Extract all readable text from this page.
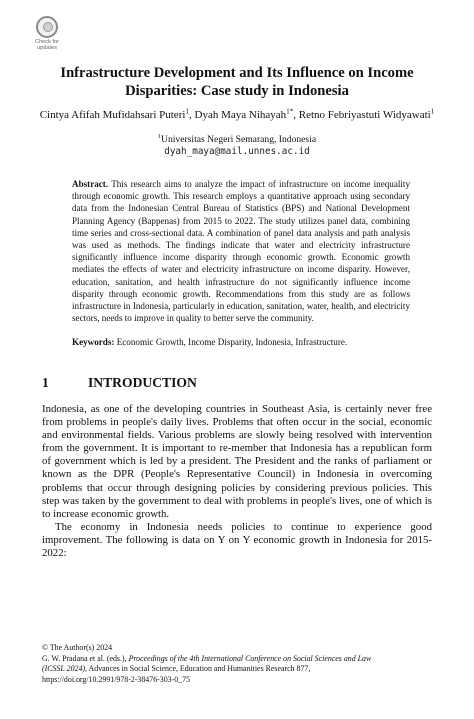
Check for
updates
Infrastructure Development and Its Influence on Income
Disparities: Case study in Indonesia
Cintya Afifah Mufidahsari Puteri$^1$, Dyah Maya Nihayah$^{1*}$, Retno Febriyastuti Widyawati$^1$
$^1$Universitas Negeri Semarang, Indonesia
dyah_maya@mail.unnes.ac.id
Abstract. This research aims to analyze the impact of infrastructure on income inequality through economic growth. This research employs a quantitative approach using secondary data from the Indonesian Central Bureau of Statistics (BPS) and National Development Planning Agency (Bappenas) from 2015 to 2022. The study utilizes panel data, combining time series and cross-sectional data. A combination of panel data analysis and path analysis was used as methods. The findings indicate that water and electricity infrastructure significantly influence income disparity through economic growth. Economic growth mediates the effects of water and electricity infrastructure on income disparity. However, education, sanitation, and health infrastructure do not significantly influence income disparity through economic growth. Recommendations from this study are as follows infrastructure in Indonesia, particularly in education, sanitation, water, health, and electricity sectors, needs to improve in quality to better serve the community.
Keywords: Economic Growth, Income Disparity, Indonesia, Infrastructure.
1	INTRODUCTION

Indonesia, as one of the developing countries in Southeast Asia, is certainly never free from problems in people's daily lives. Problems that often occur in the social, economic and environmental fields. Various problems are slowly being resolved with intervention from the government. It is important to re-member that Indonesia has a republican form of government which is led by a president. The President and the ranks of parliament or known as the DPR (People's Representative Council) in Indonesia in overcoming problems that occur through designing policies by considering previous policies. This step was taken by the government to deal with problems in people's lives, one of which is to increase economic growth.

The economy in Indonesia needs policies to continue to experience good improvement. The following is data on Y on Y economic growth in Indonesia for 2015-2022:

© The Author(s) 2024
G. W. Pradana et al. (eds.), Proceedings of the 4th International Conference on Social Sciences and Law
(ICSSL 2024), Advances in Social Science, Education and Humanities Research 877,
https://doi.org/10.2991/978-2-38476-303-0_75
